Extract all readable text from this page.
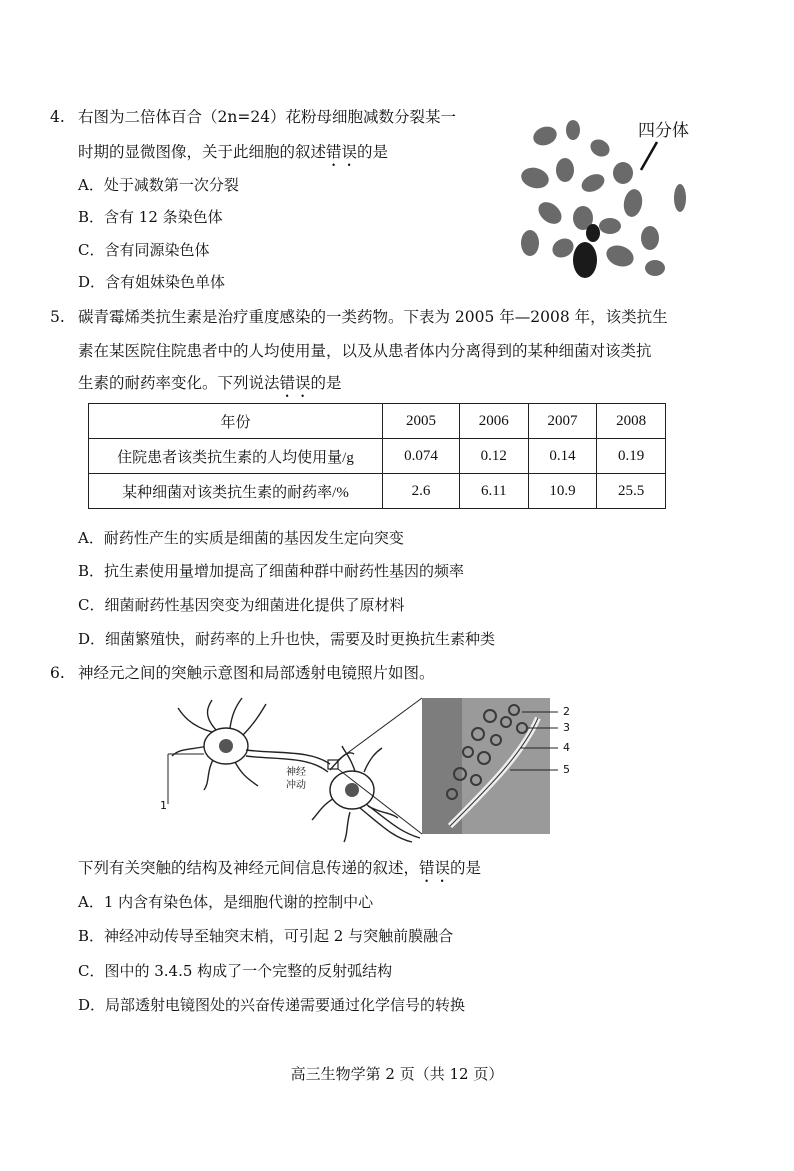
4. 右图为二倍体百合（2n=24）花粉母细胞减数分裂某一
时期的显微图像，关于此细胞的叙述错误的是
A．处于减数第一次分裂
B．含有 12 条染色体
C．含有同源染色体
D．含有姐妹染色单体
四分体
5. 碳青霉烯类抗生素是治疗重度感染的一类药物。下表为 2005 年—2008 年，该类抗生
素在某医院住院患者中的人均使用量，以及从患者体内分离得到的某种细菌对该类抗
生素的耐药率变化。下列说法错误的是
年份	2005	2006	2007	2008
住院患者该类抗生素的人均使用量/g	0.074	0.12	0.14	0.19
某种细菌对该类抗生素的耐药率/%	2.6	6.11	10.9	25.5
A．耐药性产生的实质是细菌的基因发生定向突变
B．抗生素使用量增加提高了细菌种群中耐药性基因的频率
C．细菌耐药性基因突变为细菌进化提供了原材料
D．细菌繁殖快，耐药率的上升也快，需要及时更换抗生素种类
6. 神经元之间的突触示意图和局部透射电镜照片如图。
1
2
3
4
5
神经
冲动
下列有关突触的结构及神经元间信息传递的叙述，错误的是
A．1 内含有染色体，是细胞代谢的控制中心
B．神经冲动传导至轴突末梢，可引起 2 与突触前膜融合
C．图中的 3.4.5 构成了一个完整的反射弧结构
D．局部透射电镜图处的兴奋传递需要通过化学信号的转换
高三生物学第 2 页（共 12 页）
